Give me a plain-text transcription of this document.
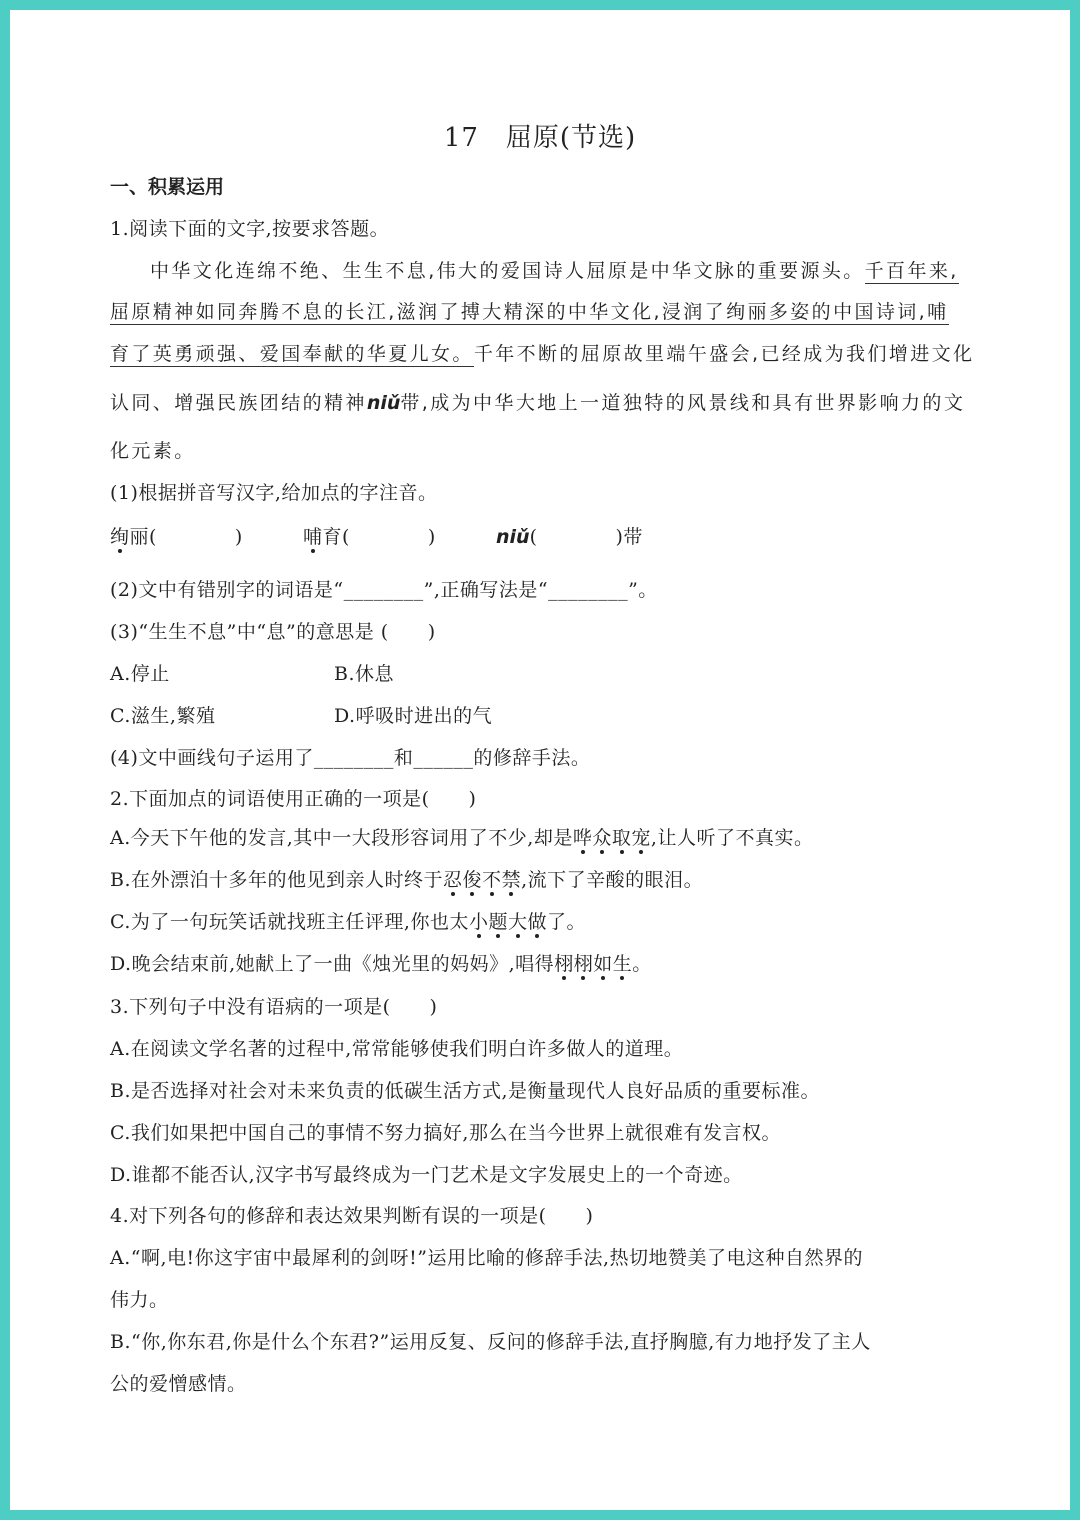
17　屈原(节选)
一、积累运用
1.阅读下面的文字,按要求答题。
中华文化连绵不绝、生生不息,伟大的爱国诗人屈原是中华文脉的重要源头。千百年来,
屈原精神如同奔腾不息的长江,滋润了搏大精深的中华文化,浸润了绚丽多姿的中国诗词,哺
育了英勇顽强、爱国奉献的华夏儿女。千年不断的屈原故里端午盛会,已经成为我们增进文化
认同、增强民族团结的精神niǔ带,成为中华大地上一道独特的风景线和具有世界影响力的文
化元素。
(1)根据拼音写汉字,给加点的字注音。
绚丽(　　　　)	哺育(　　　　)	niǔ(　　　　)带
(2)文中有错别字的词语是“________”,正确写法是“________”。
(3)“生生不息”中“息”的意思是 (　　)
A.停止	B.休息
C.滋生,繁殖	D.呼吸时进出的气
(4)文中画线句子运用了________和______的修辞手法。
2.下面加点的词语使用正确的一项是(　　)
A.今天下午他的发言,其中一大段形容词用了不少,却是哗众取宠,让人听了不真实。
B.在外漂泊十多年的他见到亲人时终于忍俊不禁,流下了辛酸的眼泪。
C.为了一句玩笑话就找班主任评理,你也太小题大做了。
D.晚会结束前,她献上了一曲《烛光里的妈妈》,唱得栩栩如生。
3.下列句子中没有语病的一项是(　　)
A.在阅读文学名著的过程中,常常能够使我们明白许多做人的道理。
B.是否选择对社会对未来负责的低碳生活方式,是衡量现代人良好品质的重要标准。
C.我们如果把中国自己的事情不努力搞好,那么在当今世界上就很难有发言权。
D.谁都不能否认,汉字书写最终成为一门艺术是文字发展史上的一个奇迹。
4.对下列各句的修辞和表达效果判断有误的一项是(　　)
A.“啊,电!你这宇宙中最犀利的剑呀!”运用比喻的修辞手法,热切地赞美了电这种自然界的
伟力。
B.“你,你东君,你是什么个东君?”运用反复、反问的修辞手法,直抒胸臆,有力地抒发了主人
公的爱憎感情。
